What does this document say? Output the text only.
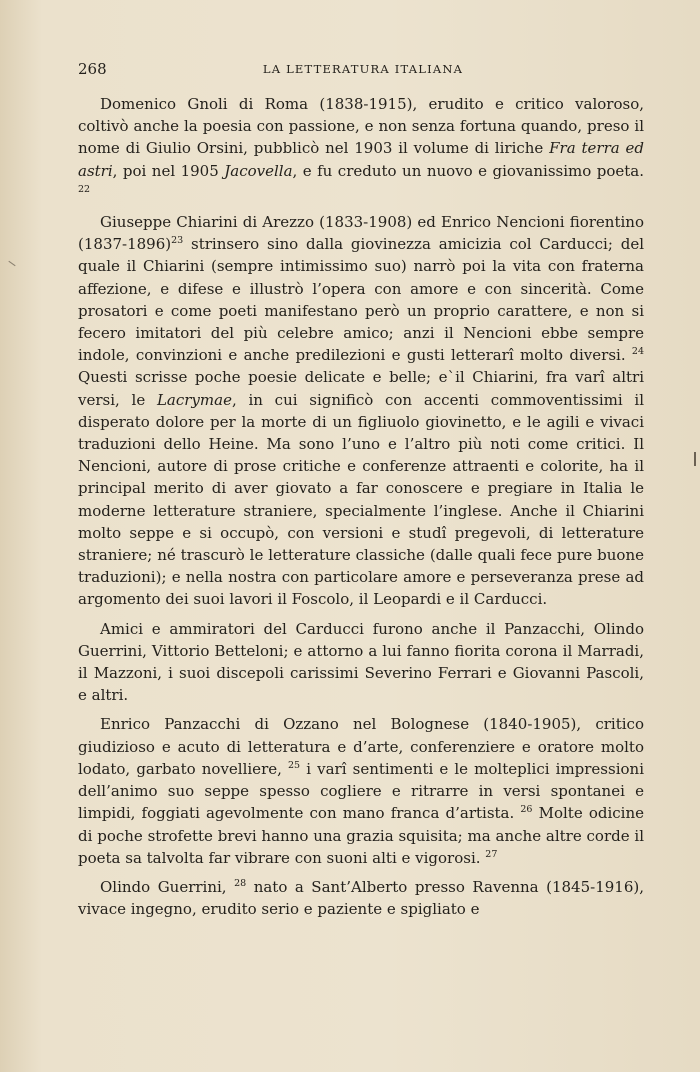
268	LA LETTERATURA ITALIANA

Domenico Gnoli di Roma (1838-1915), erudito e critico valoroso, coltivò anche la poesia con passione, e non senza fortuna quando, preso il nome di Giulio Orsini, pubblicò nel 1903 il volume di liriche Fra terra ed astri, poi nel 1905 Jacovella, e fu creduto un nuovo e giovanissimo poeta. $^{22}$

Giuseppe Chiarini di Arezzo (1833-1908) ed Enrico Nencioni fiorentino (1837-1896)$^{23}$ strinsero sino dalla giovinezza amicizia col Carducci; del quale il Chiarini (sempre intimissimo suo) narrò poi la vita con fraterna affezione, e difese e illustrò l’opera con amore e con sincerità. Come prosatori e come poeti manifestano però un proprio carattere, e non si fecero imitatori del più celebre amico; anzi il Nencioni ebbe sempre indole, convinzioni e anche predilezioni e gusti letterarî molto diversi. $^{24}$ Questi scrisse poche poesie delicate e belle; e`il Chiarini, fra varî altri versi, le Lacrymae, in cui significò con accenti commoventissimi il disperato dolore per la morte di un figliuolo giovinetto, e le agili e vivaci traduzioni dello Heine. Ma sono l’uno e l’altro più noti come critici. Il Nencioni, autore di prose critiche e conferenze attraenti e colorite, ha il principal merito di aver giovato a far conoscere e pregiare in Italia le moderne letterature straniere, specialmente l’inglese. Anche il Chiarini molto seppe e si occupò, con versioni e studî pregevoli, di letterature straniere; né trascurò le letterature classiche (dalle quali fece pure buone traduzioni); e nella nostra con particolare amore e perseveranza prese ad argomento dei suoi lavori il Foscolo, il Leopardi e il Carducci.

Amici e ammiratori del Carducci furono anche il Panzacchi, Olindo Guerrini, Vittorio Betteloni; e attorno a lui fanno fiorita corona il Marradi, il Mazzoni, i suoi discepoli carissimi Severino Ferrari e Giovanni Pascoli, e altri.

Enrico Panzacchi di Ozzano nel Bolognese (1840-1905), critico giudizioso e acuto di letteratura e d’arte, conferenziere e oratore molto lodato, garbato novelliere, $^{25}$ i varî sentimenti e le molteplici impressioni dell’animo suo seppe spesso cogliere e ritrarre in versi spontanei e limpidi, foggiati agevolmente con mano franca d’artista. $^{26}$ Molte odicine di poche strofette brevi hanno una grazia squisita; ma anche altre corde il poeta sa talvolta far vibrare con suoni alti e vigorosi. $^{27}$

Olindo Guerrini, $^{28}$ nato a Sant’Alberto presso Ravenna (1845-1916), vivace ingegno, erudito serio e paziente e spigliato e
